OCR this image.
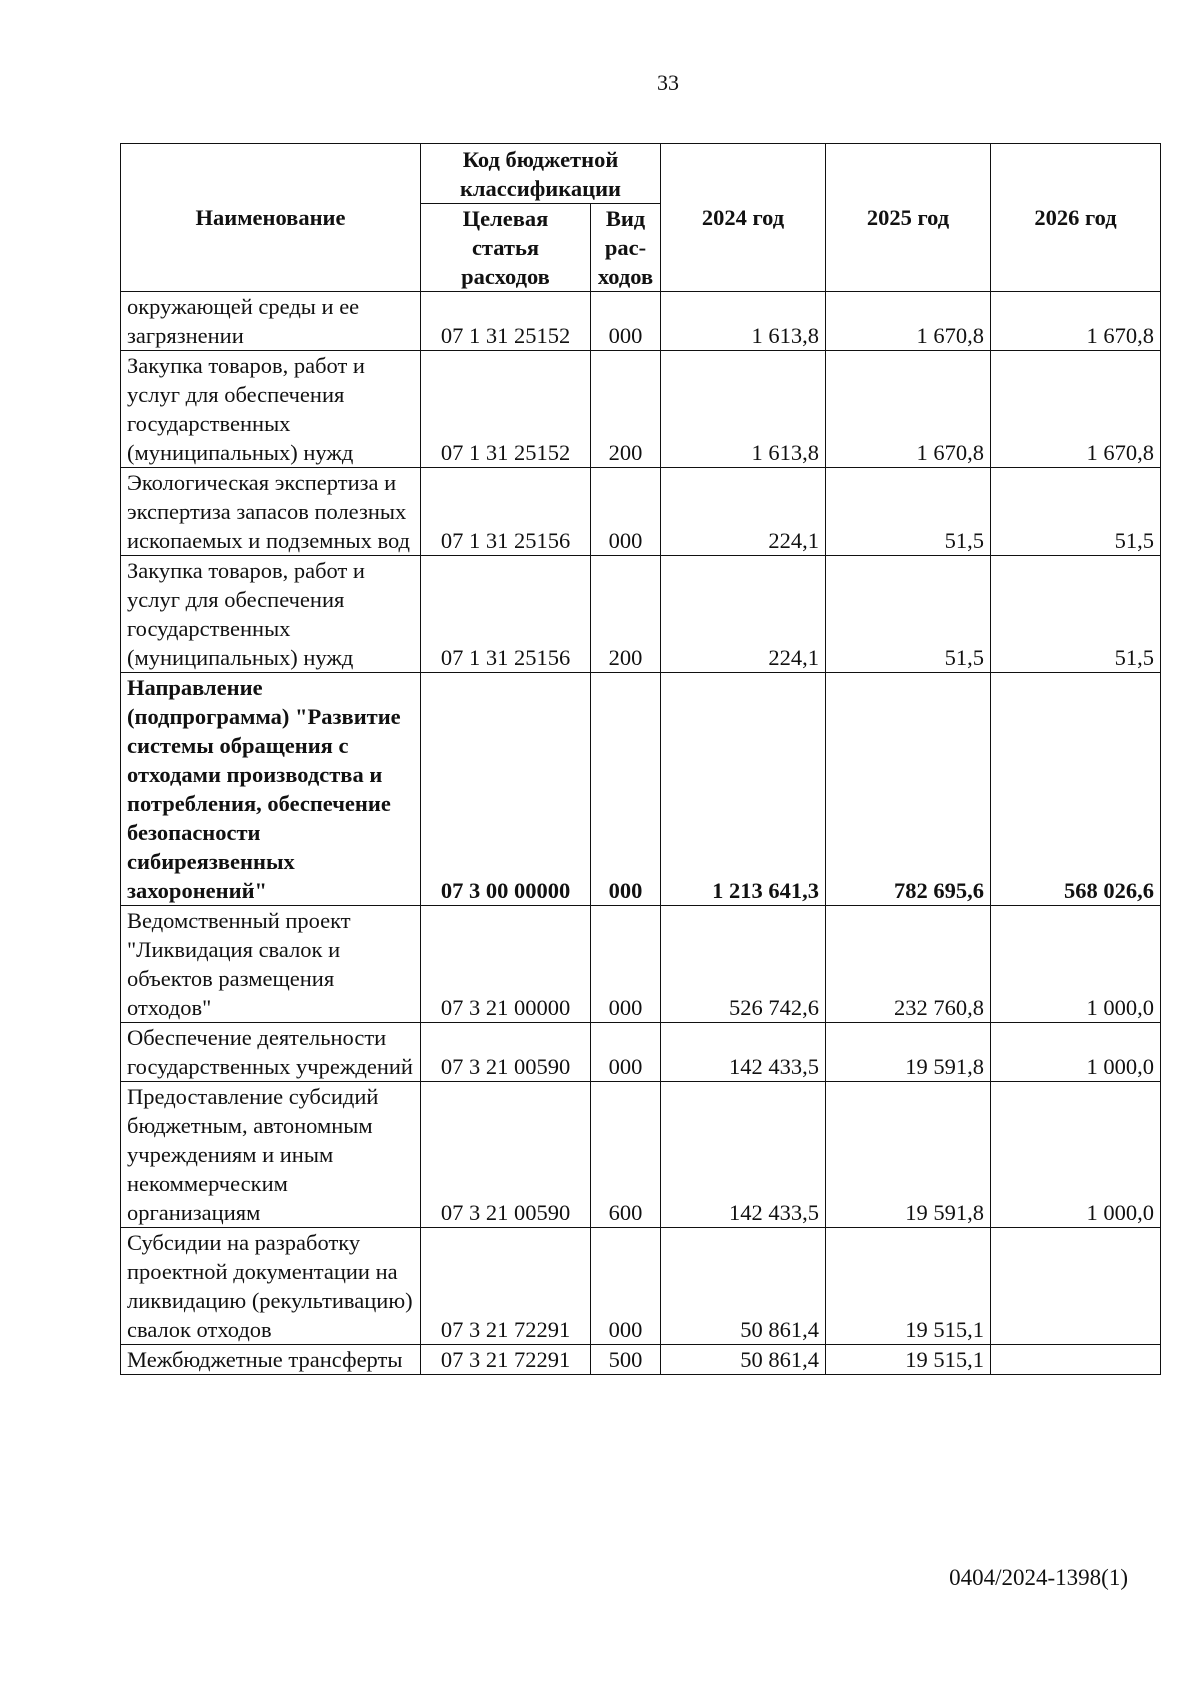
33
Наименование	Код бюджетной классификации		2024 год	2025 год	2026 год
	Целевая статья расходов	Вид рас-ходов			
окружающей среды и ее загрязнении	07 1 31 25152	000	1 613,8	1 670,8	1 670,8
Закупка товаров, работ и услуг для обеспечения государственных (муниципальных) нужд	07 1 31 25152	200	1 613,8	1 670,8	1 670,8
Экологическая экспертиза и экспертиза запасов полезных ископаемых и подземных вод	07 1 31 25156	000	224,1	51,5	51,5
Закупка товаров, работ и услуг для обеспечения государственных (муниципальных) нужд	07 1 31 25156	200	224,1	51,5	51,5
Направление (подпрограмма) "Развитие системы обращения с отходами производства и потребления, обеспечение безопасности сибиреязвенных захоронений"	07 3 00 00000	000	1 213 641,3	782 695,6	568 026,6
Ведомственный проект "Ликвидация свалок и объектов размещения отходов"	07 3 21 00000	000	526 742,6	232 760,8	1 000,0
Обеспечение деятельности государственных учреждений	07 3 21 00590	000	142 433,5	19 591,8	1 000,0
Предоставление субсидий бюджетным, автономным учреждениям и иным некоммерческим организациям	07 3 21 00590	600	142 433,5	19 591,8	1 000,0
Субсидии на разработку проектной документации на ликвидацию (рекультивацию) свалок отходов	07 3 21 72291	000	50 861,4	19 515,1	
Межбюджетные трансферты	07 3 21 72291	500	50 861,4	19 515,1	
0404/2024-1398(1)
